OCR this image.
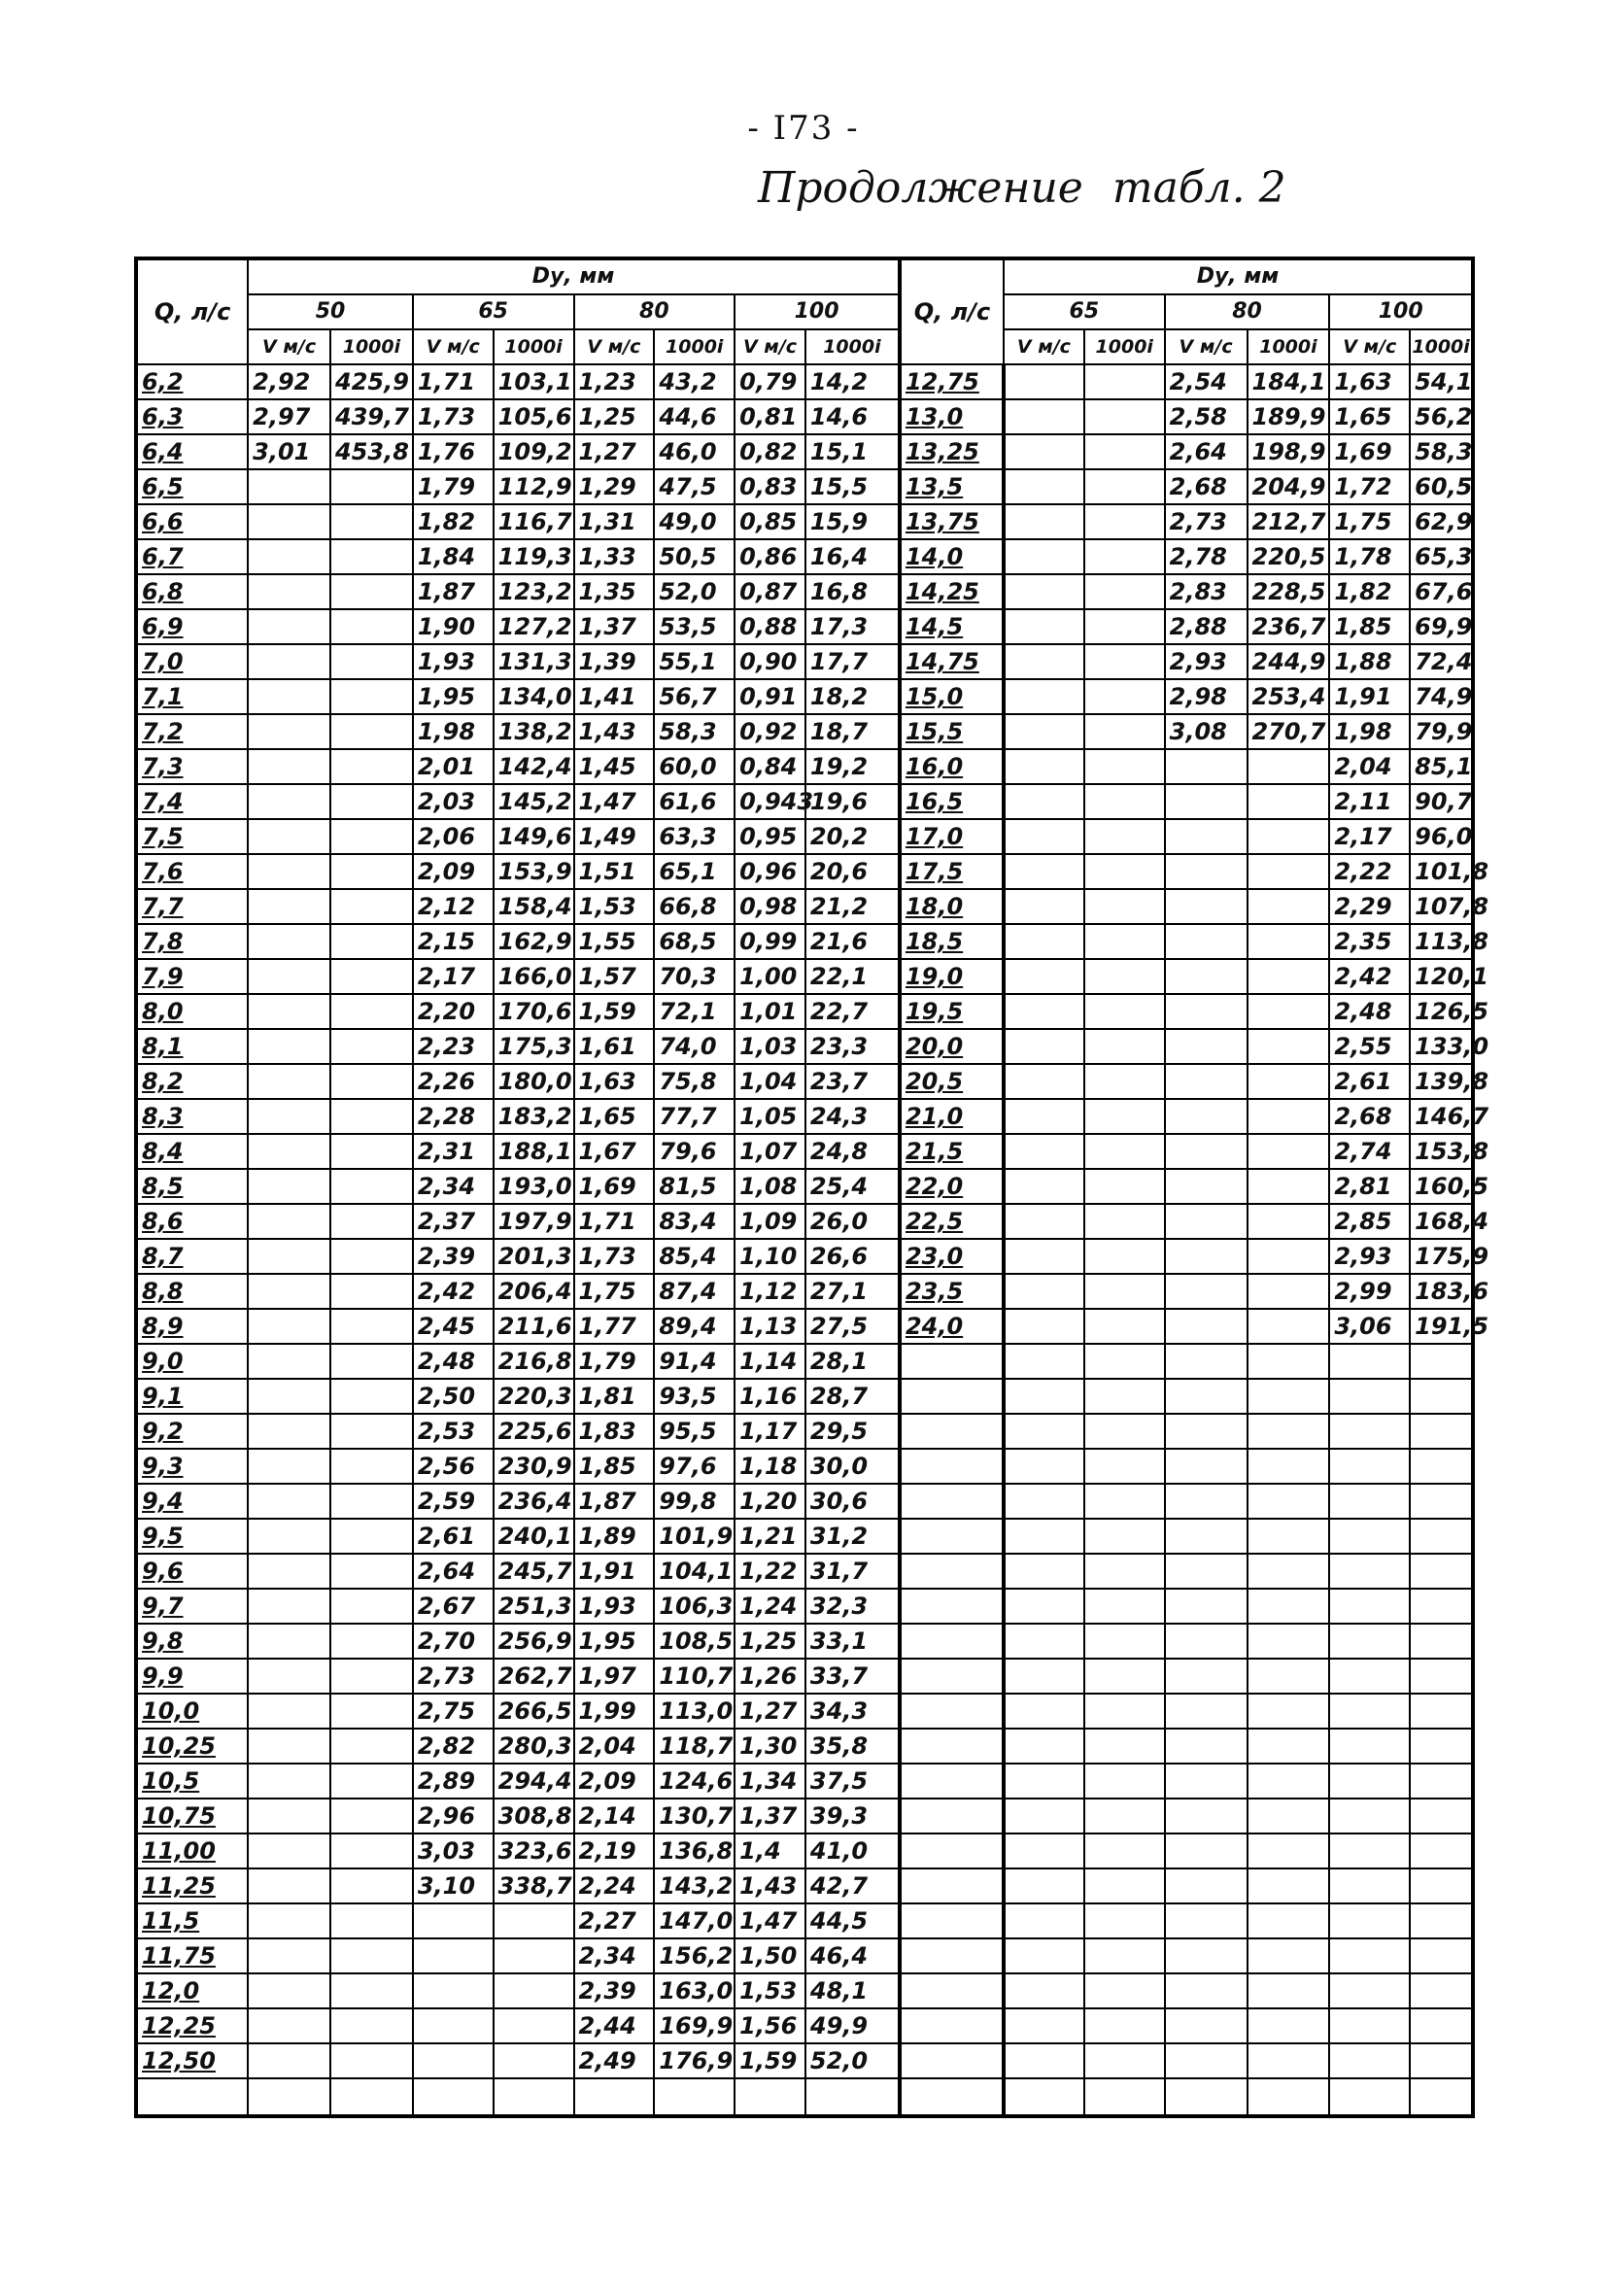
- I73 -
Продолжение табл. 2
Q, л/с	Dу, мм								Q, л/с	Dу, мм					
	50		65		80		100			65		80		100	
	V м/с	1000i	V м/с	1000i	V м/с	1000i	V м/с	1000i		V м/с	1000i	V м/с	1000i	V м/с	1000i
6,2	2,92	425,9	1,71	103,1	1,23	43,2	0,79	14,2	12,75			2,54	184,1	1,63	54,1
6,3	2,97	439,7	1,73	105,6	1,25	44,6	0,81	14,6	13,0			2,58	189,9	1,65	56,2
6,4	3,01	453,8	1,76	109,2	1,27	46,0	0,82	15,1	13,25			2,64	198,9	1,69	58,3
6,5			1,79	112,9	1,29	47,5	0,83	15,5	13,5			2,68	204,9	1,72	60,5
6,6			1,82	116,7	1,31	49,0	0,85	15,9	13,75			2,73	212,7	1,75	62,9
6,7			1,84	119,3	1,33	50,5	0,86	16,4	14,0			2,78	220,5	1,78	65,3
6,8			1,87	123,2	1,35	52,0	0,87	16,8	14,25			2,83	228,5	1,82	67,6
6,9			1,90	127,2	1,37	53,5	0,88	17,3	14,5			2,88	236,7	1,85	69,9
7,0			1,93	131,3	1,39	55,1	0,90	17,7	14,75			2,93	244,9	1,88	72,4
7,1			1,95	134,0	1,41	56,7	0,91	18,2	15,0			2,98	253,4	1,91	74,9
7,2			1,98	138,2	1,43	58,3	0,92	18,7	15,5			3,08	270,7	1,98	79,9
7,3			2,01	142,4	1,45	60,0	0,84	19,2	16,0					2,04	85,1
7,4			2,03	145,2	1,47	61,6	0,943	19,6	16,5					2,11	90,7
7,5			2,06	149,6	1,49	63,3	0,95	20,2	17,0					2,17	96,0
7,6			2,09	153,9	1,51	65,1	0,96	20,6	17,5					2,22	101,8
7,7			2,12	158,4	1,53	66,8	0,98	21,2	18,0					2,29	107,8
7,8			2,15	162,9	1,55	68,5	0,99	21,6	18,5					2,35	113,8
7,9			2,17	166,0	1,57	70,3	1,00	22,1	19,0					2,42	120,1
8,0			2,20	170,6	1,59	72,1	1,01	22,7	19,5					2,48	126,5
8,1			2,23	175,3	1,61	74,0	1,03	23,3	20,0					2,55	133,0
8,2			2,26	180,0	1,63	75,8	1,04	23,7	20,5					2,61	139,8
8,3			2,28	183,2	1,65	77,7	1,05	24,3	21,0					2,68	146,7
8,4			2,31	188,1	1,67	79,6	1,07	24,8	21,5					2,74	153,8
8,5			2,34	193,0	1,69	81,5	1,08	25,4	22,0					2,81	160,5
8,6			2,37	197,9	1,71	83,4	1,09	26,0	22,5					2,85	168,4
8,7			2,39	201,3	1,73	85,4	1,10	26,6	23,0					2,93	175,9
8,8			2,42	206,4	1,75	87,4	1,12	27,1	23,5					2,99	183,6
8,9			2,45	211,6	1,77	89,4	1,13	27,5	24,0					3,06	191,5
9,0			2,48	216,8	1,79	91,4	1,14	28,1							
9,1			2,50	220,3	1,81	93,5	1,16	28,7							
9,2			2,53	225,6	1,83	95,5	1,17	29,5							
9,3			2,56	230,9	1,85	97,6	1,18	30,0							
9,4			2,59	236,4	1,87	99,8	1,20	30,6							
9,5			2,61	240,1	1,89	101,9	1,21	31,2							
9,6			2,64	245,7	1,91	104,1	1,22	31,7							
9,7			2,67	251,3	1,93	106,3	1,24	32,3							
9,8			2,70	256,9	1,95	108,5	1,25	33,1							
9,9			2,73	262,7	1,97	110,7	1,26	33,7							
10,0			2,75	266,5	1,99	113,0	1,27	34,3							
10,25			2,82	280,3	2,04	118,7	1,30	35,8							
10,5			2,89	294,4	2,09	124,6	1,34	37,5							
10,75			2,96	308,8	2,14	130,7	1,37	39,3							
11,00			3,03	323,6	2,19	136,8	1,4	41,0							
11,25			3,10	338,7	2,24	143,2	1,43	42,7							
11,5					2,27	147,0	1,47	44,5							
11,75					2,34	156,2	1,50	46,4							
12,0					2,39	163,0	1,53	48,1							
12,25					2,44	169,9	1,56	49,9							
12,50					2,49	176,9	1,59	52,0							
